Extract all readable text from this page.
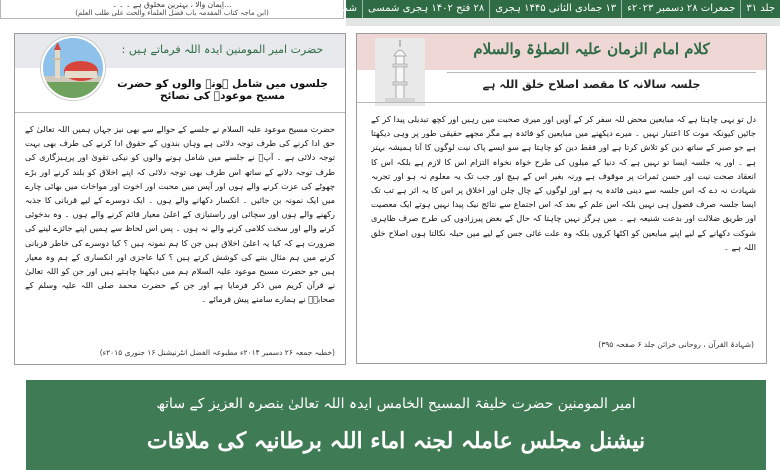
…اِیمان والا ، بہترین مخلوق ہے ۔ ۔ ۔
(ابن ماجہ کتاب المقدمہ باب فضل العلماء والحث علی طلب العلم)	جلد ۳۱
جمعرات ۲۸ دسمبر ۲۰۲۳ء
۱۳ جمادی الثانی ۱۴۴۵ ہجری
۲۸ فتح ۱۴۰۲ ہجری شمسی
شمارہ ۳۰۸
کلام امام الزمان علیہ الصلوٰۃ والسلام
جلسہ سالانہ کا مقصد اصلاح خلق اللہ ہے
دل تو یہی چاہتا ہے کہ مبایعین محض للہ سفر کر کے آویں اور میری صحبت میں رہیں اور کچھ تبدیلی پیدا کر کے جائیں کیونکہ موت کا اعتبار نہیں ۔ میرے دیکھنے میں مبایعین کو فائدہ ہے مگر مجھے حقیقی طور پر وہی دیکھتا ہے جو صبر کے ساتھ دین کو تلاش کرتا ہے اور فقط دین کو چاہتا ہے سو ایسے پاک نیت لوگوں کا آنا ہمیشہ بہتر ہے ۔ اور یہ جلسہ ایسا تو نہیں ہے کہ دنیا کے میلوں کی طرح خواہ نخواہ التزام اس کا لازم ہے بلکہ اس کا انعقاد صحت نیت اور حسن ثمرات پر موقوف ہے ورنہ بغیر اس کے ہیچ اور جب تک یہ معلوم نہ ہو اور تجربہ شہادت نہ دے کہ اس جلسہ سے دینی فائدہ یہ ہے اور لوگوں کے چال چلن اور اخلاق پر اس کا یہ اثر ہے تب تک ایسا جلسہ صرف فضول ہی نہیں بلکہ اس علم کے بعد کہ اس اجتماع سے نتائج نیک پیدا نہیں ہوتے ایک معصیت اور طریق ضلالت اور بدعت شنیعہ ہے ۔ میں ہرگز نہیں چاہتا کہ حال کے بعض پیرزادوں کی طرح صرف ظاہری شوکت دکھانے کے لیے اپنے مبایعین کو اکٹھا کروں بلکہ وہ علت غائی جس کے لیے میں حیلہ نکالتا ہوں اصلاح خلق اللہ ہے ۔
(شہادۃ القرآن ، روحانی خزائن جلد ۶ صفحہ ۳۹۵)
حضرت امیر المومنین ایدہ اللہ فرماتے ہیں :
جلسوں میں شامل ہونے والوں کو حضرت مسیح موعودؑ کی نصائح
حضرت مسیح موعود علیہ السلام نے جلسے کے حوالے سے بھی نیز جہاں ہمیں اللہ تعالیٰ کے حق ادا کرنے کی طرف توجہ دلائی ہے وہاں بندوں کے حقوق ادا کرنے کی طرف بھی بہت توجہ دلائی ہے ۔ آپؑ نے جلسے میں شامل ہونے والوں کو نیکی تقویٰ اور پرہیزگاری کی طرف توجہ دلانے کے ساتھ اس طرف بھی توجہ دلائی کہ اپنے اخلاق کو بلند کرنے اور بڑے چھوٹے کی عزت کرنے والے ہوں اور آپس میں محبت اور اخوت اور مواخات میں بھائی چارے میں ایک نمونہ بن جائیں ۔ انکسار دکھانے والے ہوں ۔ ایک دوسرے کے لیے قربانی کا جذبہ رکھنے والے ہوں اور سچائی اور راستبازی کے اعلیٰ معیار قائم کرنے والے ہوں ۔ وہ بدخوئی کرنے والے اور سخت کلامی کرنے والے نہ ہوں ۔ پس اس لحاظ سے ہمیں اپنے جائزے لینے کی ضرورت ہے کہ کیا یہ اعلیٰ اخلاق ہیں جن کا ہم نمونہ ہیں ؟ کیا دوسرے کی خاطر قربانی کرنے میں ہم مثال بننے کی کوشش کرتے ہیں ؟ کیا عاجزی اور انکساری کے ہم وہ معیار ہیں جو حضرت مسیح موعود علیہ السلام ہم میں دیکھنا چاہتے ہیں اور جن کو اللہ تعالیٰ نے قرآن کریم میں ذکر فرمایا ہے اور جن کے حضرت محمد صلی اللہ علیہ وسلم کے صحابہؓ نے ہمارے سامنے پیش فرمائے ۔
(خطبہ جمعہ ۲۶ دسمبر ۲۰۱۴ء مطبوعہ الفضل انٹرنیشنل ۱۶ جنوری ۲۰۱۵ء)
امیر المومنین حضرت خلیفۃ المسیح الخامس ایدہ اللہ تعالیٰ بنصرہ العزیز کے ساتھ
نیشنل مجلس عاملہ لجنہ اماء اللہ برطانیہ کی ملاقات
